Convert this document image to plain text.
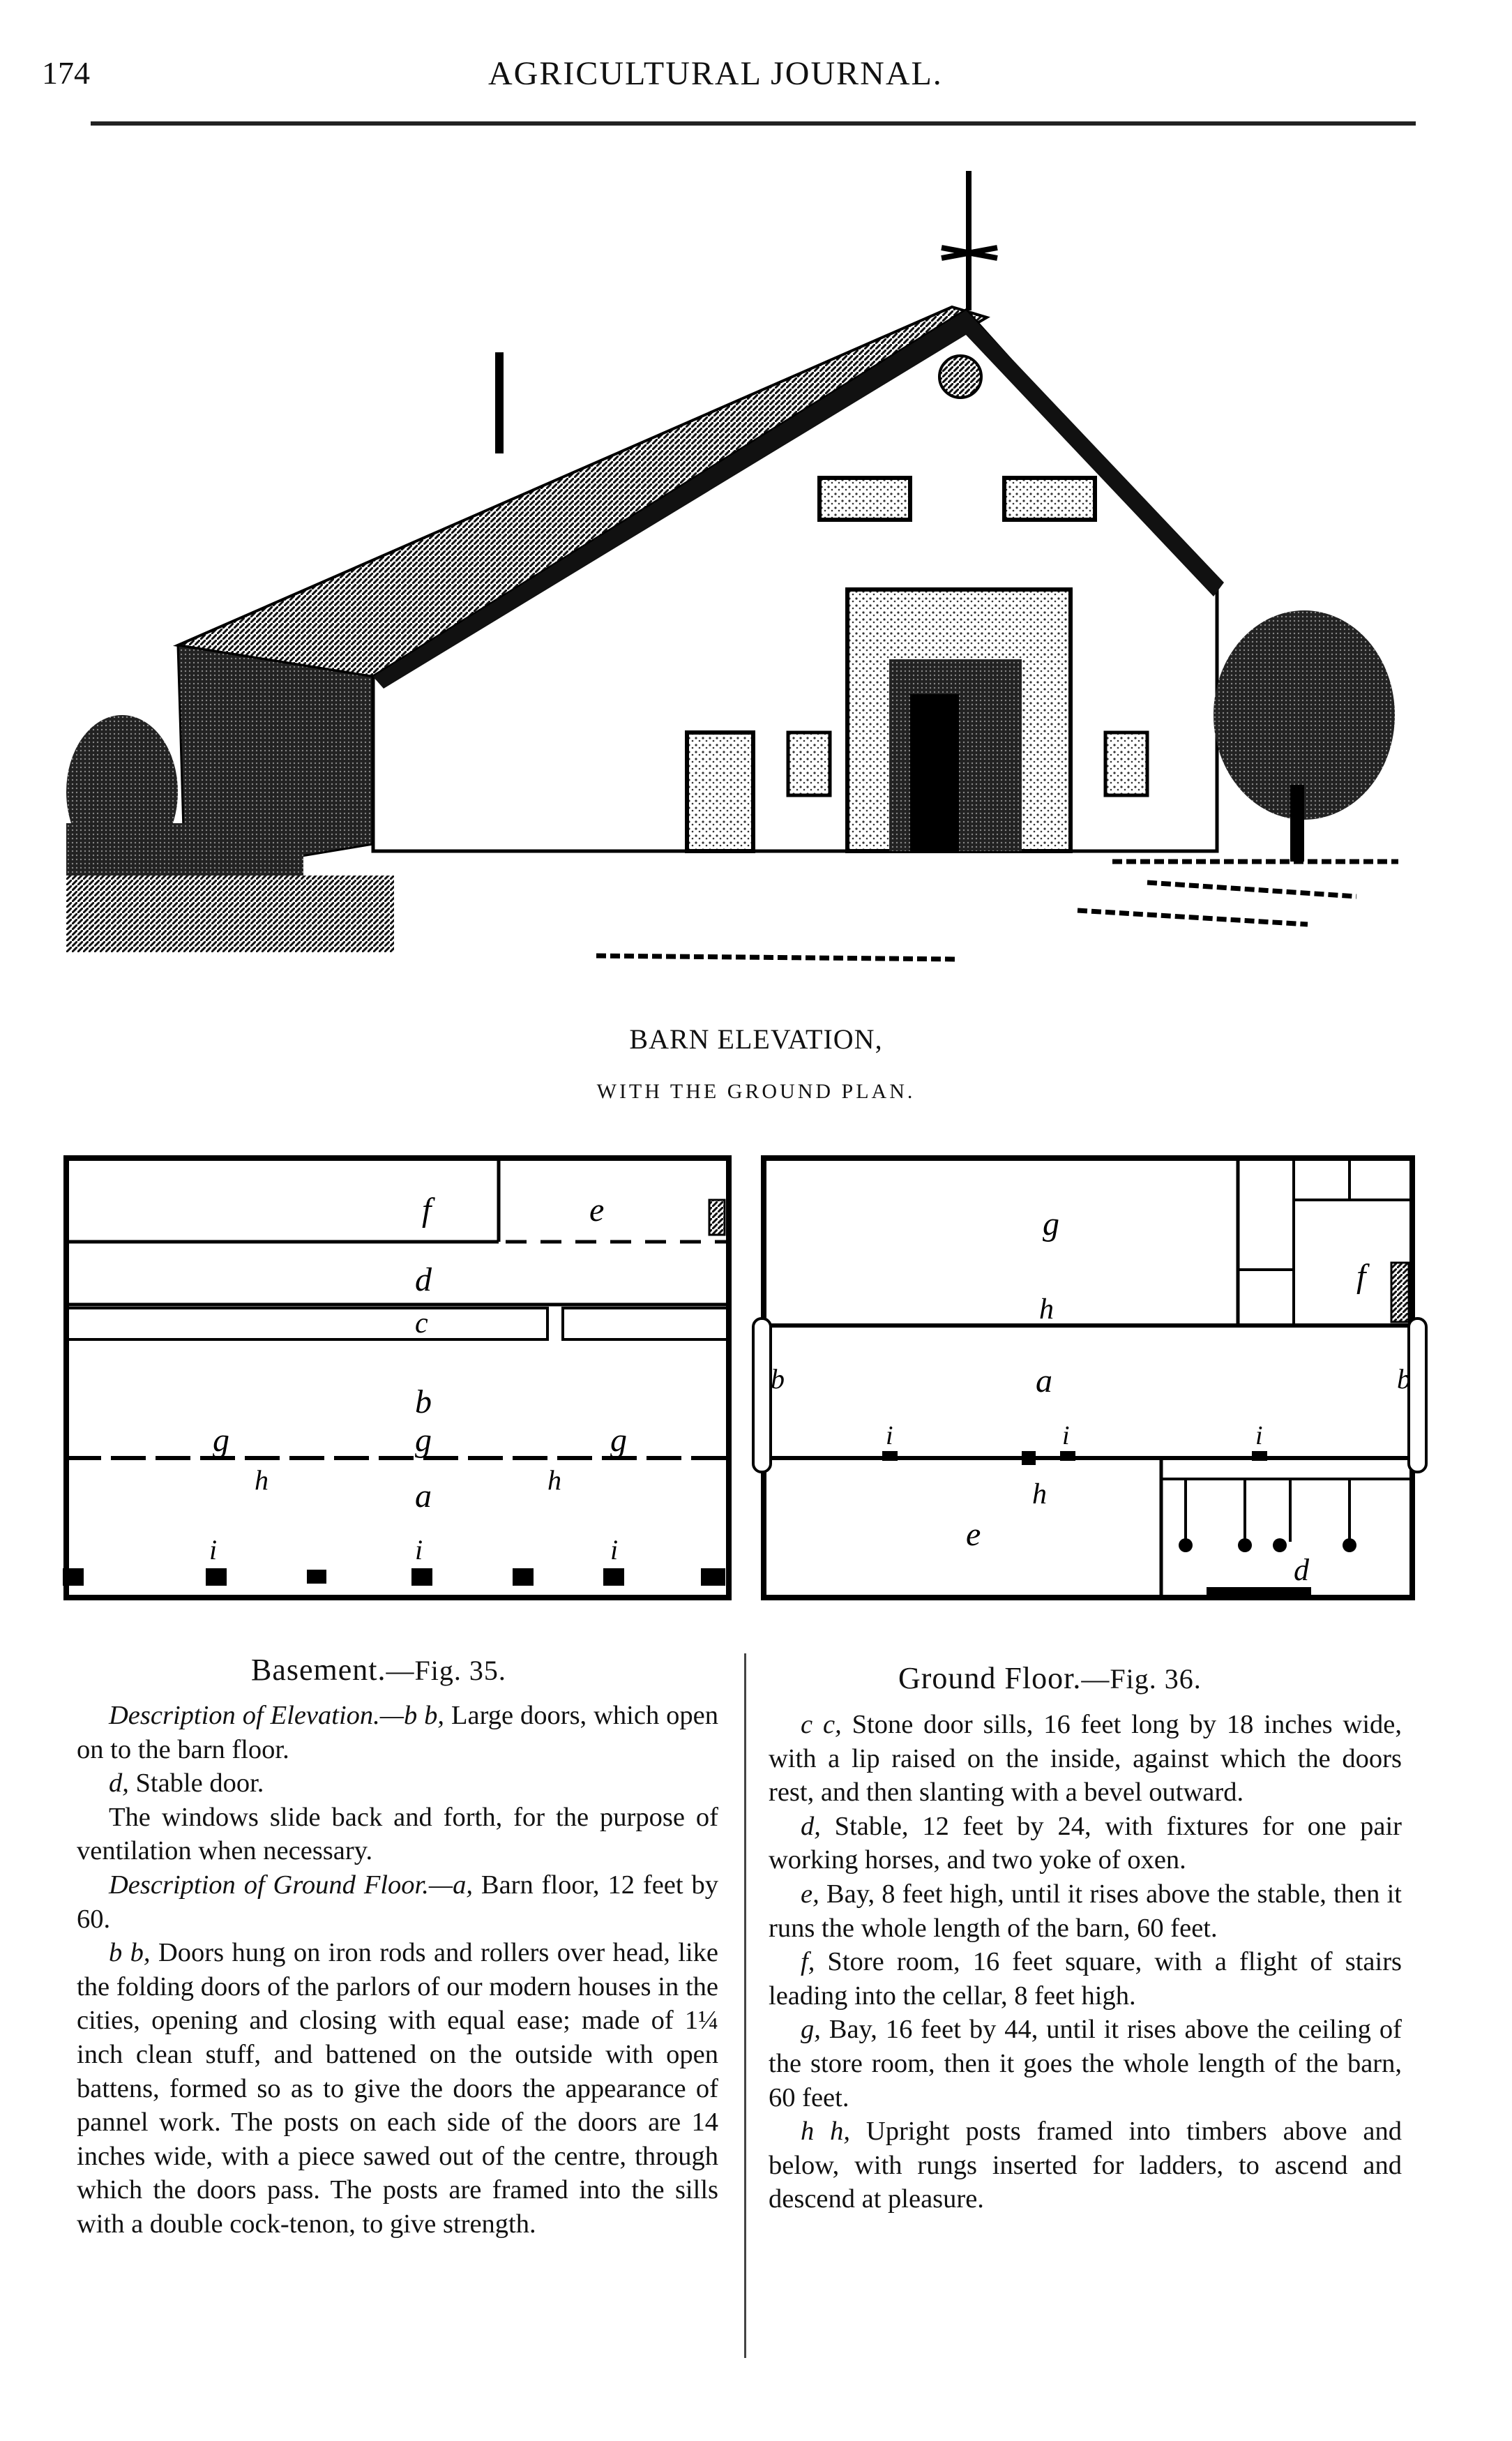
174	AGRICULTURAL JOURNAL.
BARN ELEVATION,
WITH THE GROUND PLAN.
f	e
d
c
b
g	g	g
h	h
a
i	i	i
g
h
f
b	b
a
i	i	i
h
e
d
Basement.—Fig. 35.	Ground Floor.—Fig. 36.

Description of Elevation.—b b, Large doors, which open on to the barn floor.

d, Stable door.

The windows slide back and forth, for the purpose of ventilation when necessary.

Description of Ground Floor.—a, Barn floor, 12 feet by 60.

b b, Doors hung on iron rods and rollers over head, like the folding doors of the parlors of our modern houses in the cities, opening and closing with equal ease; made of 1¼ inch clean stuff, and battened on the outside with open battens, formed so as to give the doors the appearance of pannel work. The posts on each side of the doors are 14 inches wide, with a piece sawed out of the centre, through which the doors pass. The posts are framed into the sills with a double cock-tenon, to give strength.

c c, Stone door sills, 16 feet long by 18 inches wide, with a lip raised on the inside, against which the doors rest, and then slanting with a bevel outward.

d, Stable, 12 feet by 24, with fixtures for one pair working horses, and two yoke of oxen.

e, Bay, 8 feet high, until it rises above the stable, then it runs the whole length of the barn, 60 feet.

f, Store room, 16 feet square, with a flight of stairs leading into the cellar, 8 feet high.

g, Bay, 16 feet by 44, until it rises above the ceiling of the store room, then it goes the whole length of the barn, 60 feet.

h h, Upright posts framed into timbers above and below, with rungs inserted for ladders, to ascend and descend at pleasure.
